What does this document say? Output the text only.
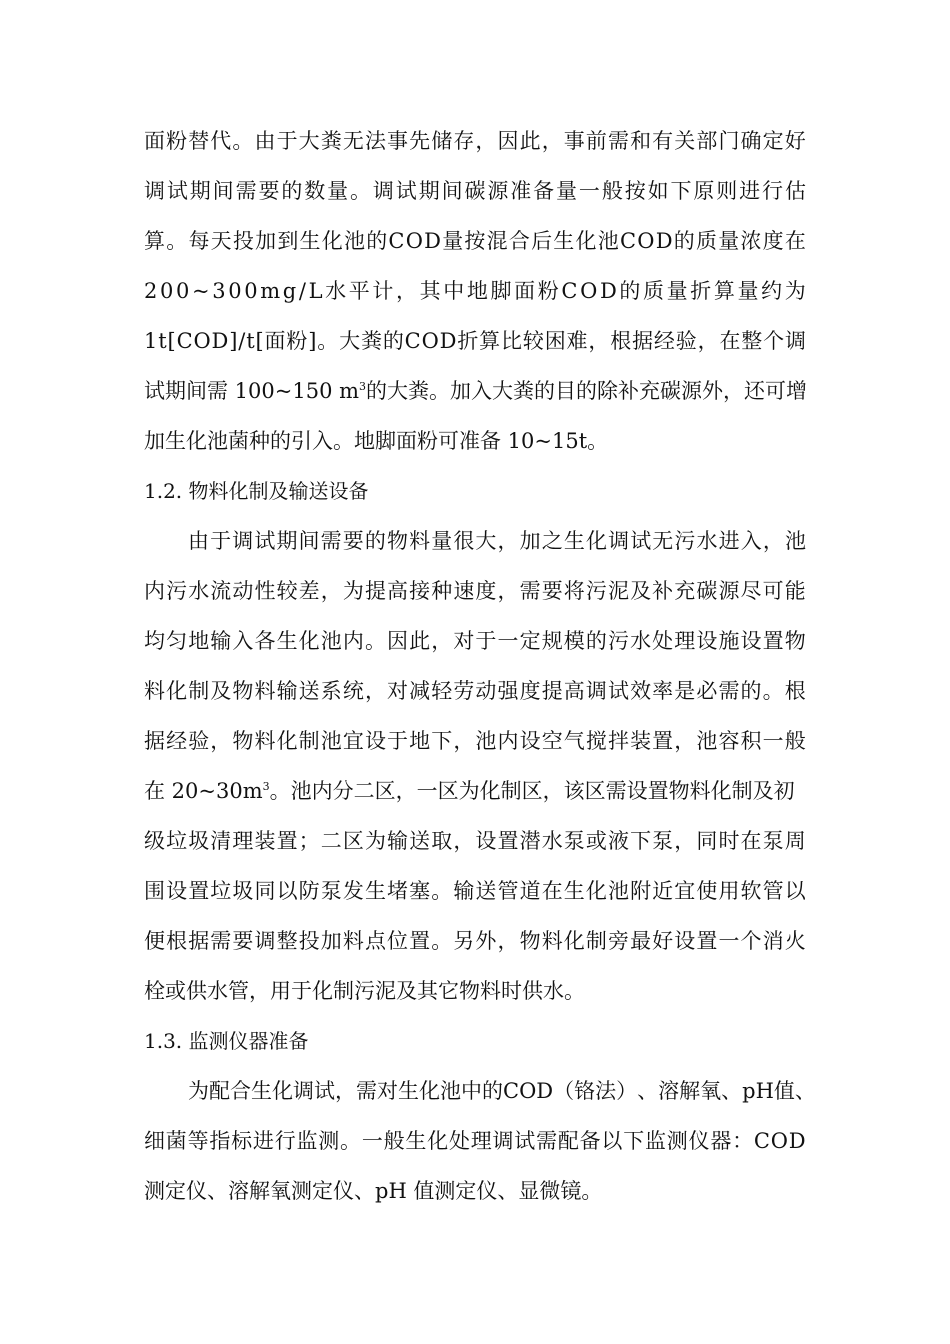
面 粉 替 代 。 由 于 大 粪 无 法 事 先 储 存 ， 因 此 ， 事 前 需 和 有 关 部 门 确 定 好
调 试 期 间 需 要 的 数 量 。 调 试 期 间 碳 源 准 备 量 一 般 按 如 下 原 则 进 行 估
算 。 每 天 投 加 到 生 化 池 的 C O D 量 按 混 合 后 生 化 池 C O D 的 质 量 浓 度 在
2 0 0 ~ 3 0 0 m g / L 水 平 计 ， 其 中 地 脚 面 粉 C O D 的 质 量 折 算 量 约 为
1 t [ C O D ] / t [ 面 粉 ] 。 大 粪 的 C O D 折 算 比 较 困 难 ， 根 据 经 验 ， 在 整 个 调
试期间需 100~150 $m^3$的大粪。加入大粪的目的除补充碳源外，还可增
加生化池菌种的引入。地脚面粉可准备 10~15t。
1.2. 物料化制及输送设备
由 于 调 试 期 间 需 要 的 物 料 量 很 大 ， 加 之 生 化 调 试 无 污 水 进 入 ， 池
内 污 水 流 动 性 较 差 ， 为 提 高 接 种 速 度 ， 需 要 将 污 泥 及 补 充 碳 源 尽 可 能
均 匀 地 输 入 各 生 化 池 内 。 因 此 ， 对 于 一 定 规 模 的 污 水 处 理 设 施 设 置 物
料 化 制 及 物 料 输 送 系 统 ， 对 减 轻 劳 动 强 度 提 高 调 试 效 率 是 必 需 的 。 根
据 经 验 ， 物 料 化 制 池 宜 设 于 地 下 ， 池 内 设 空 气 搅 拌 装 置 ， 池 容 积 一 般
在 $20\sim 30m^3$。池内分二区，一区为化制区，该区需设置物料化制及初
级 垃 圾 清 理 装 置 ； 二 区 为 输 送 取 ， 设 置 潜 水 泵 或 液 下 泵 ， 同 时 在 泵 周
围 设 置 垃 圾 同 以 防 泵 发 生 堵 塞 。 输 送 管 道 在 生 化 池 附 近 宜 使 用 软 管 以
便 根 据 需 要 调 整 投 加 料 点 位 置 。 另 外 ， 物 料 化 制 旁 最 好 设 置 一 个 消 火
栓或供水管，用于化制污泥及其它物料时供水。
1.3. 监测仪器准备
为 配 合 生 化 调 试 ， 需 对 生 化 池 中 的 C O D （ 铬 法 ） 、 溶 解 氧 、 p H 值 、
细 菌 等 指 标 进 行 监 测 。 一 般 生 化 处 理 调 试 需 配 备 以 下 监 测 仪 器 ： C O D
测定仪、溶解氧测定仪、pH 值测定仪、显微镜。
